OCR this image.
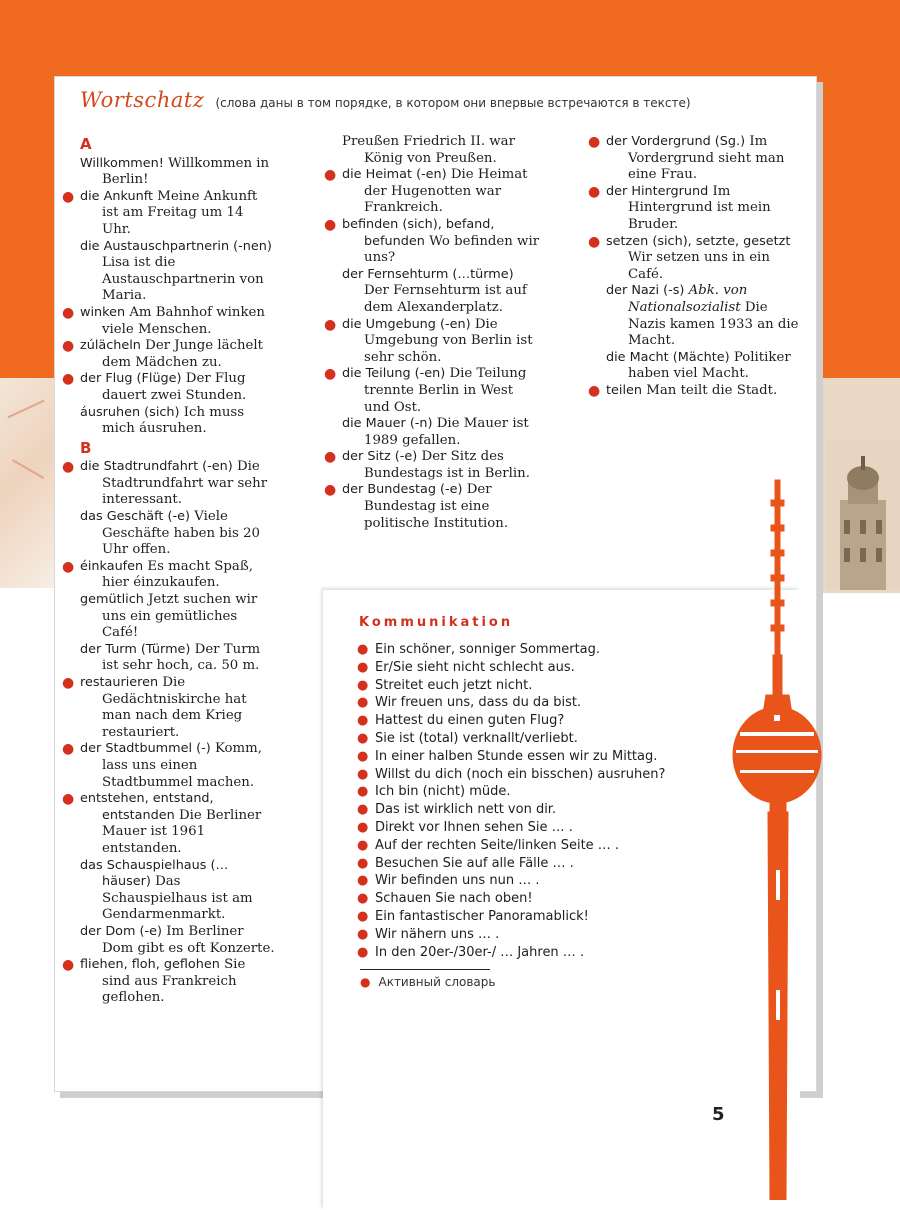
Wortschatz (слова даны в том порядке, в котором они впервые встречаются в тексте)
A
Willkommen! Willkommen in Berlin!
● die Ankunft Meine Ankunft ist am Freitag um 14 Uhr.
die Austauschpartnerin (-nen) Lisa ist die Austauschpartnerin von Maria.
● winken Am Bahnhof winken viele Menschen.
● zúlächeln Der Junge lächelt dem Mädchen zu.
● der Flug (Flüge) Der Flug dauert zwei Stunden.
áusruhen (sich) Ich muss mich áusruhen.
B
● die Stadtrundfahrt (-en) Die Stadtrundfahrt war sehr interessant.
das Geschäft (-e) Viele Geschäfte haben bis 20 Uhr offen.
● éinkaufen Es macht Spaß, hier éinzukaufen.
gemütlich Jetzt suchen wir uns ein gemütliches Café!
der Turm (Türme) Der Turm ist sehr hoch, ca. 50 m.
● restaurieren Die Gedächtniskirche hat man nach dem Krieg restauriert.
● der Stadtbummel (-) Komm, lass uns einen Stadtbummel machen.
● entstehen, entstand, entstanden Die Berliner Mauer ist 1961 entstanden.
das Schauspielhaus (…häuser) Das Schauspielhaus ist am Gendarmenmarkt.
der Dom (-e) Im Berliner Dom gibt es oft Konzerte.
● fliehen, floh, geflohen Sie sind aus Frankreich geflohen.
Preußen Friedrich II. war König von Preußen.
● die Heimat (-en) Die Heimat der Hugenotten war Frankreich.
● befinden (sich), befand, befunden Wo befinden wir uns?
der Fernsehturm (…türme) Der Fernsehturm ist auf dem Alexanderplatz.
● die Umgebung (-en) Die Umgebung von Berlin ist sehr schön.
● die Teilung (-en) Die Teilung trennte Berlin in West und Ost.
die Mauer (-n) Die Mauer ist 1989 gefallen.
● der Sitz (-e) Der Sitz des Bundestags ist in Berlin.
● der Bundestag (-e) Der Bundestag ist eine politische Institution.
● der Vordergrund (Sg.) Im Vordergrund sieht man eine Frau.
● der Hintergrund Im Hintergrund ist mein Bruder.
● setzen (sich), setzte, gesetzt Wir setzen uns in ein Café.
der Nazi (-s) Abk. von Nationalsozialist Die Nazis kamen 1933 an die Macht.
die Macht (Mächte) Politiker haben viel Macht.
● teilen Man teilt die Stadt.
Kommunikation
● Ein schöner, sonniger Sommertag.
● Er/Sie sieht nicht schlecht aus.
● Streitet euch jetzt nicht.
● Wir freuen uns, dass du da bist.
● Hattest du einen guten Flug?
● Sie ist (total) verknallt/verliebt.
● In einer halben Stunde essen wir zu Mittag.
● Willst du dich (noch ein bisschen) ausruhen?
● Ich bin (nicht) müde.
● Das ist wirklich nett von dir.
● Direkt vor Ihnen sehen Sie … .
● Auf der rechten Seite/linken Seite … .
● Besuchen Sie auf alle Fälle … .
● Wir befinden uns nun … .
● Schauen Sie nach oben!
● Ein fantastischer Panoramablick!
● Wir nähern uns … .
● In den 20er-/30er-/ … Jahren … .
● Активный словарь
5
